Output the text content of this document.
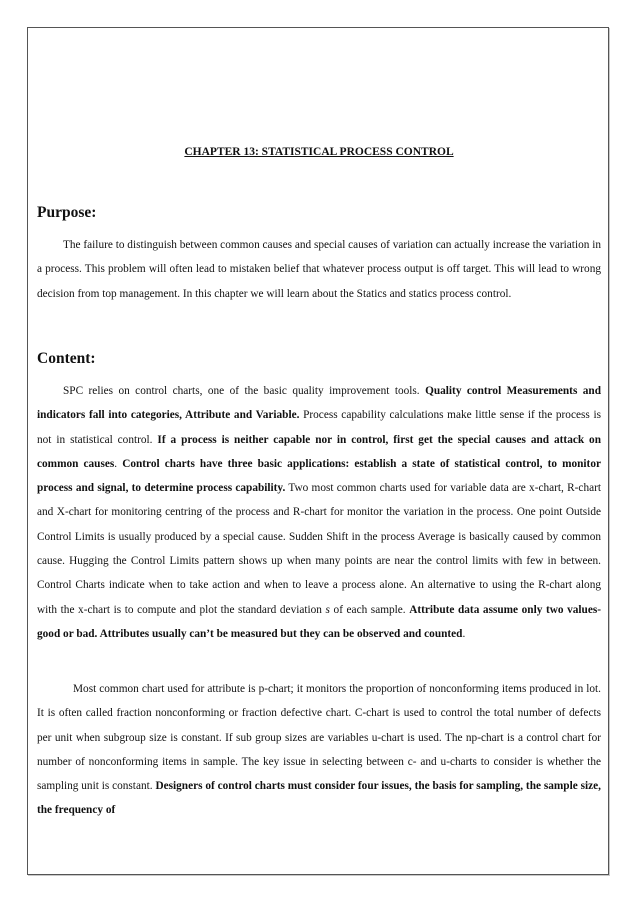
CHAPTER 13: STATISTICAL PROCESS CONTROL
Purpose:

The failure to distinguish between common causes and special causes of variation can actually increase the variation in a process. This problem will often lead to mistaken belief that whatever process output is off target. This will lead to wrong decision from top management. In this chapter we will learn about the Statics and statics process control.

Content:

SPC relies on control charts, one of the basic quality improvement tools. Quality control Measurements and indicators fall into categories, Attribute and Variable. Process capability calculations make little sense if the process is not in statistical control. If a process is neither capable nor in control, first get the special causes and attack on common causes. Control charts have three basic applications: establish a state of statistical control, to monitor process and signal, to determine process capability. Two most common charts used for variable data are x-chart, R-chart and X-chart for monitoring centring of the process and R-chart for monitor the variation in the process. One point Outside Control Limits is usually produced by a special cause. Sudden Shift in the process Average is basically caused by common cause. Hugging the Control Limits pattern shows up when many points are near the control limits with few in between. Control Charts indicate when to take action and when to leave a process alone. An alternative to using the R-chart along with the x-chart is to compute and plot the standard deviation s of each sample. Attribute data assume only two values- good or bad. Attributes usually can’t be measured but they can be observed and counted.

Most common chart used for attribute is p-chart; it monitors the proportion of nonconforming items produced in lot. It is often called fraction nonconforming or fraction defective chart. C-chart is used to control the total number of defects per unit when subgroup size is constant. If sub group sizes are variables u-chart is used. The np-chart is a control chart for number of nonconforming items in sample. The key issue in selecting between c- and u-charts to consider is whether the sampling unit is constant. Designers of control charts must consider four issues, the basis for sampling, the sample size, the frequency of
